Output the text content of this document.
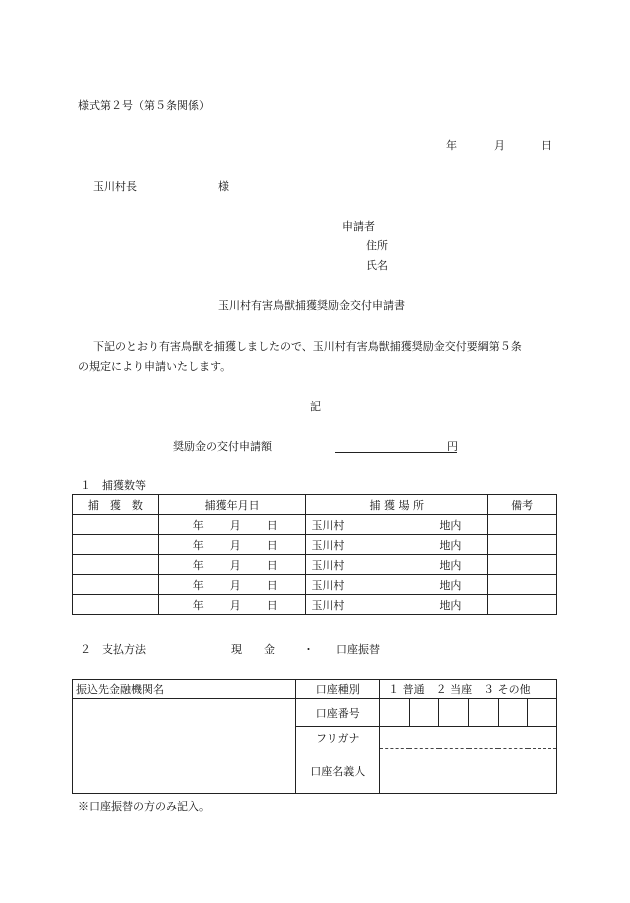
様式第２号（第５条関係）
年	月	日
玉川村長	様
申請者
住所
氏名
玉川村有害鳥獣捕獲奨励金交付申請書
下記のとおり有害鳥獣を捕獲しましたので、玉川村有害鳥獣捕獲奨励金交付要綱第５条
の規定により申請いたします。
記
奨励金の交付申請額	円
１　捕獲数等
捕　獲　数	捕獲年月日	捕 獲 場 所	備考
	年 月 日	玉川村 地内	
	年 月 日	玉川村 地内	
	年 月 日	玉川村 地内	
	年 月 日	玉川村 地内	
	年 月 日	玉川村 地内	
２　支払方法	現　　金	・ 口座振替
振込先金融機関名	口座種別	１ 普通　２ 当座　３ その他					
	口座番号						
	フリガナ						
	口座名義人						
※口座振替の方のみ記入。
